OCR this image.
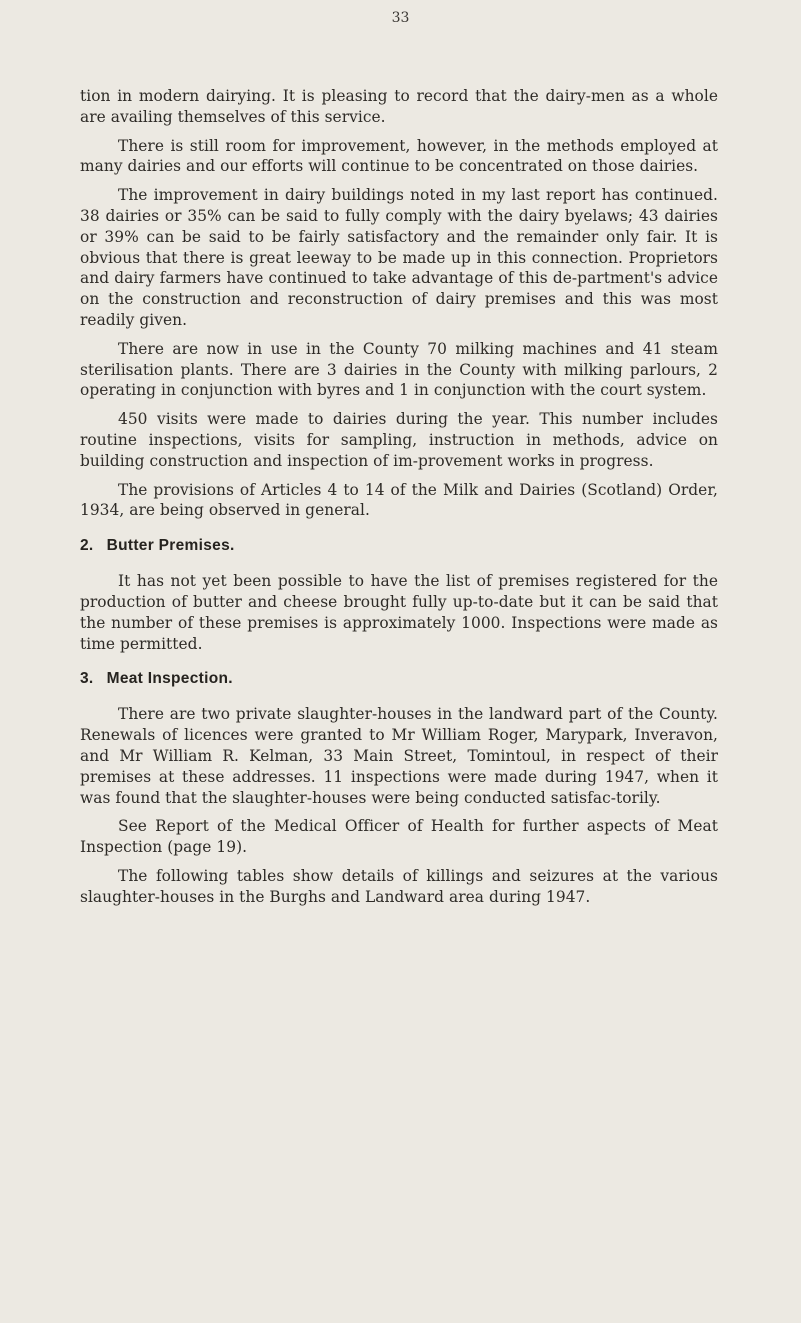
33

tion in modern dairying. It is pleasing to record that the dairy-men as a whole are availing themselves of this service.

There is still room for improvement, however, in the methods employed at many dairies and our efforts will continue to be concentrated on those dairies.

The improvement in dairy buildings noted in my last report has continued. 38 dairies or 35% can be said to fully comply with the dairy byelaws; 43 dairies or 39% can be said to be fairly satisfactory and the remainder only fair. It is obvious that there is great leeway to be made up in this connection. Proprietors and dairy farmers have continued to take advantage of this de-partment's advice on the construction and reconstruction of dairy premises and this was most readily given.

There are now in use in the County 70 milking machines and 41 steam sterilisation plants. There are 3 dairies in the County with milking parlours, 2 operating in conjunction with byres and 1 in conjunction with the court system.

450 visits were made to dairies during the year. This number includes routine inspections, visits for sampling, instruction in methods, advice on building construction and inspection of im-provement works in progress.

The provisions of Articles 4 to 14 of the Milk and Dairies (Scotland) Order, 1934, are being observed in general.

2. Butter Premises.

It has not yet been possible to have the list of premises registered for the production of butter and cheese brought fully up-to-date but it can be said that the number of these premises is approximately 1000. Inspections were made as time permitted.

3. Meat Inspection.

There are two private slaughter-houses in the landward part of the County. Renewals of licences were granted to Mr William Roger, Marypark, Inveravon, and Mr William R. Kelman, 33 Main Street, Tomintoul, in respect of their premises at these addresses. 11 inspections were made during 1947, when it was found that the slaughter-houses were being conducted satisfac-torily.

See Report of the Medical Officer of Health for further aspects of Meat Inspection (page 19).

The following tables show details of killings and seizures at the various slaughter-houses in the Burghs and Landward area during 1947.
